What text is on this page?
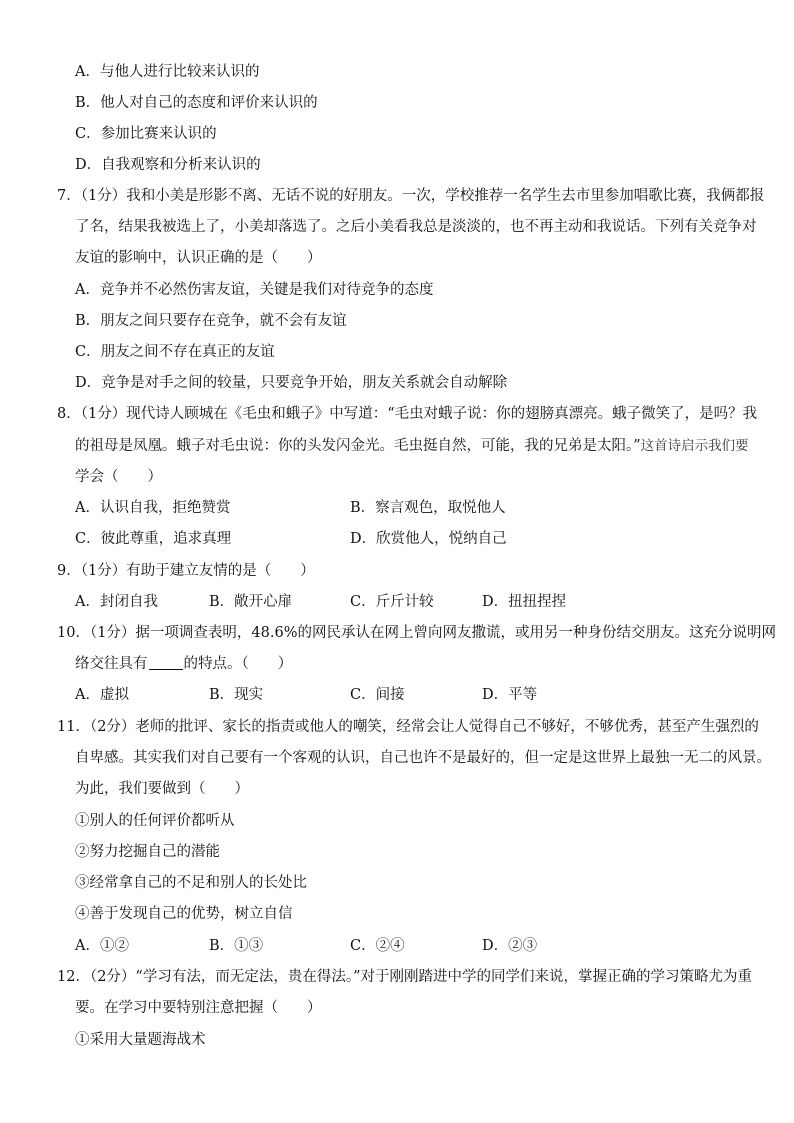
A．与他人进行比较来认识的
B．他人对自己的态度和评价来认识的
C．参加比赛来认识的
D．自我观察和分析来认识的
7．（1分）我和小美是形影不离、无话不说的好朋友。一次，学校推荐一名学生去市里参加唱歌比赛，我俩都报
了名，结果我被选上了，小美却落选了。之后小美看我总是淡淡的，也不再主动和我说话。下列有关竞争对
友谊的影响中，认识正确的是（　　）
A．竞争并不必然伤害友谊，关键是我们对待竞争的态度
B．朋友之间只要存在竞争，就不会有友谊
C．朋友之间不存在真正的友谊
D．竞争是对手之间的较量，只要竞争开始，朋友关系就会自动解除
8．（1分）现代诗人顾城在《毛虫和蛾子》中写道：“毛虫对蛾子说：你的翅膀真漂亮。蛾子微笑了，是吗？我
的祖母是凤凰。蛾子对毛虫说：你的头发闪金光。毛虫挺自然，可能，我的兄弟是太阳。”这首诗启示我们要
学会（　　）
A．认识自我，拒绝赞赏	B．察言观色，取悦他人
C．彼此尊重，追求真理	D．欣赏他人，悦纳自己
9．（1分）有助于建立友情的是（　　）
A．封闭自我	B．敞开心扉	C．斤斤计较	D．扭扭捏捏
10．（1分）据一项调查表明，48.6%的网民承认在网上曾向网友撒谎，或用另一种身份结交朋友。这充分说明网
络交往具有 的特点。（　　）
A．虚拟	B．现实	C．间接	D．平等
11．（2分）老师的批评、家长的指责或他人的嘲笑，经常会让人觉得自己不够好，不够优秀，甚至产生强烈的
自卑感。其实我们对自己要有一个客观的认识，自己也许不是最好的，但一定是这世界上最独一无二的风景。
为此，我们要做到（　　）
①别人的任何评价都听从
②努力挖掘自己的潜能
③经常拿自己的不足和别人的长处比
④善于发现自己的优势，树立自信
A．①②	B．①③	C．②④	D．②③
12．（2分）“学习有法，而无定法，贵在得法。”对于刚刚踏进中学的同学们来说，掌握正确的学习策略尤为重
要。在学习中要特别注意把握（　　）
①采用大量题海战术
